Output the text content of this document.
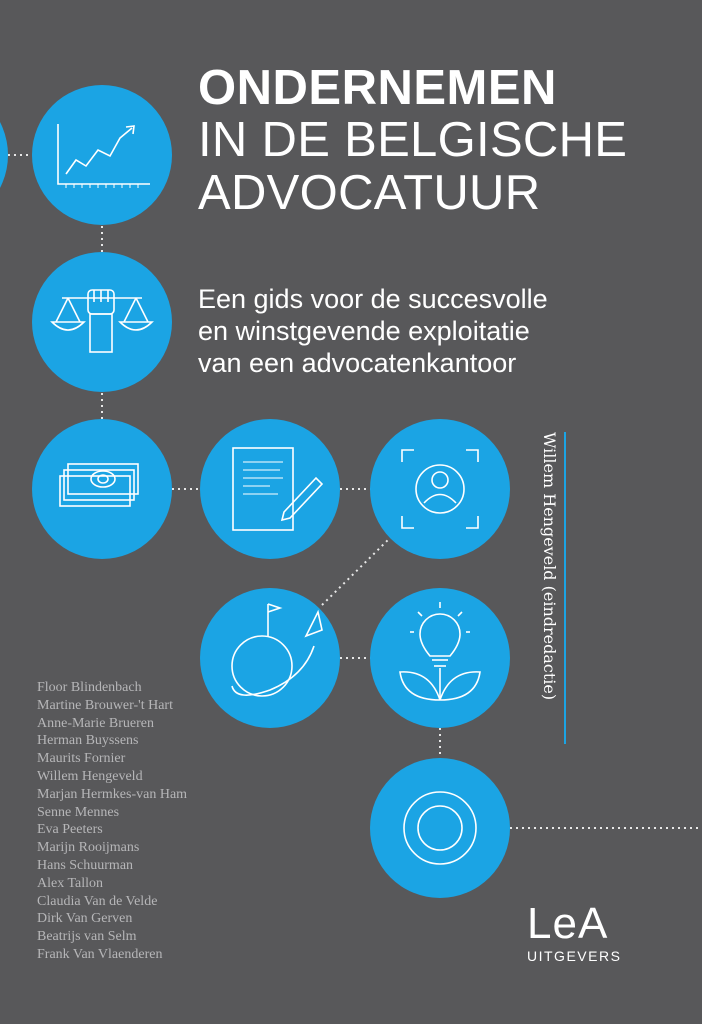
ONDERNEMEN
IN DE BELGISCHE
ADVOCATUUR

Een gids voor de succesvolle
en winstgevende exploitatie
van een advocatenkantoor

Willem Hengeveld (eindredactie)
Floor Blindenbach
Martine Brouwer-'t Hart
Anne-Marie Brueren
Herman Buyssens
Maurits Fornier
Willem Hengeveld
Marjan Hermkes-van Ham
Senne Mennes
Eva Peeters
Marijn Rooijmans
Hans Schuurman
Alex Tallon
Claudia Van de Velde
Dirk Van Gerven
Beatrijs van Selm
Frank Van Vlaenderen
LeA
UITGEVERS
